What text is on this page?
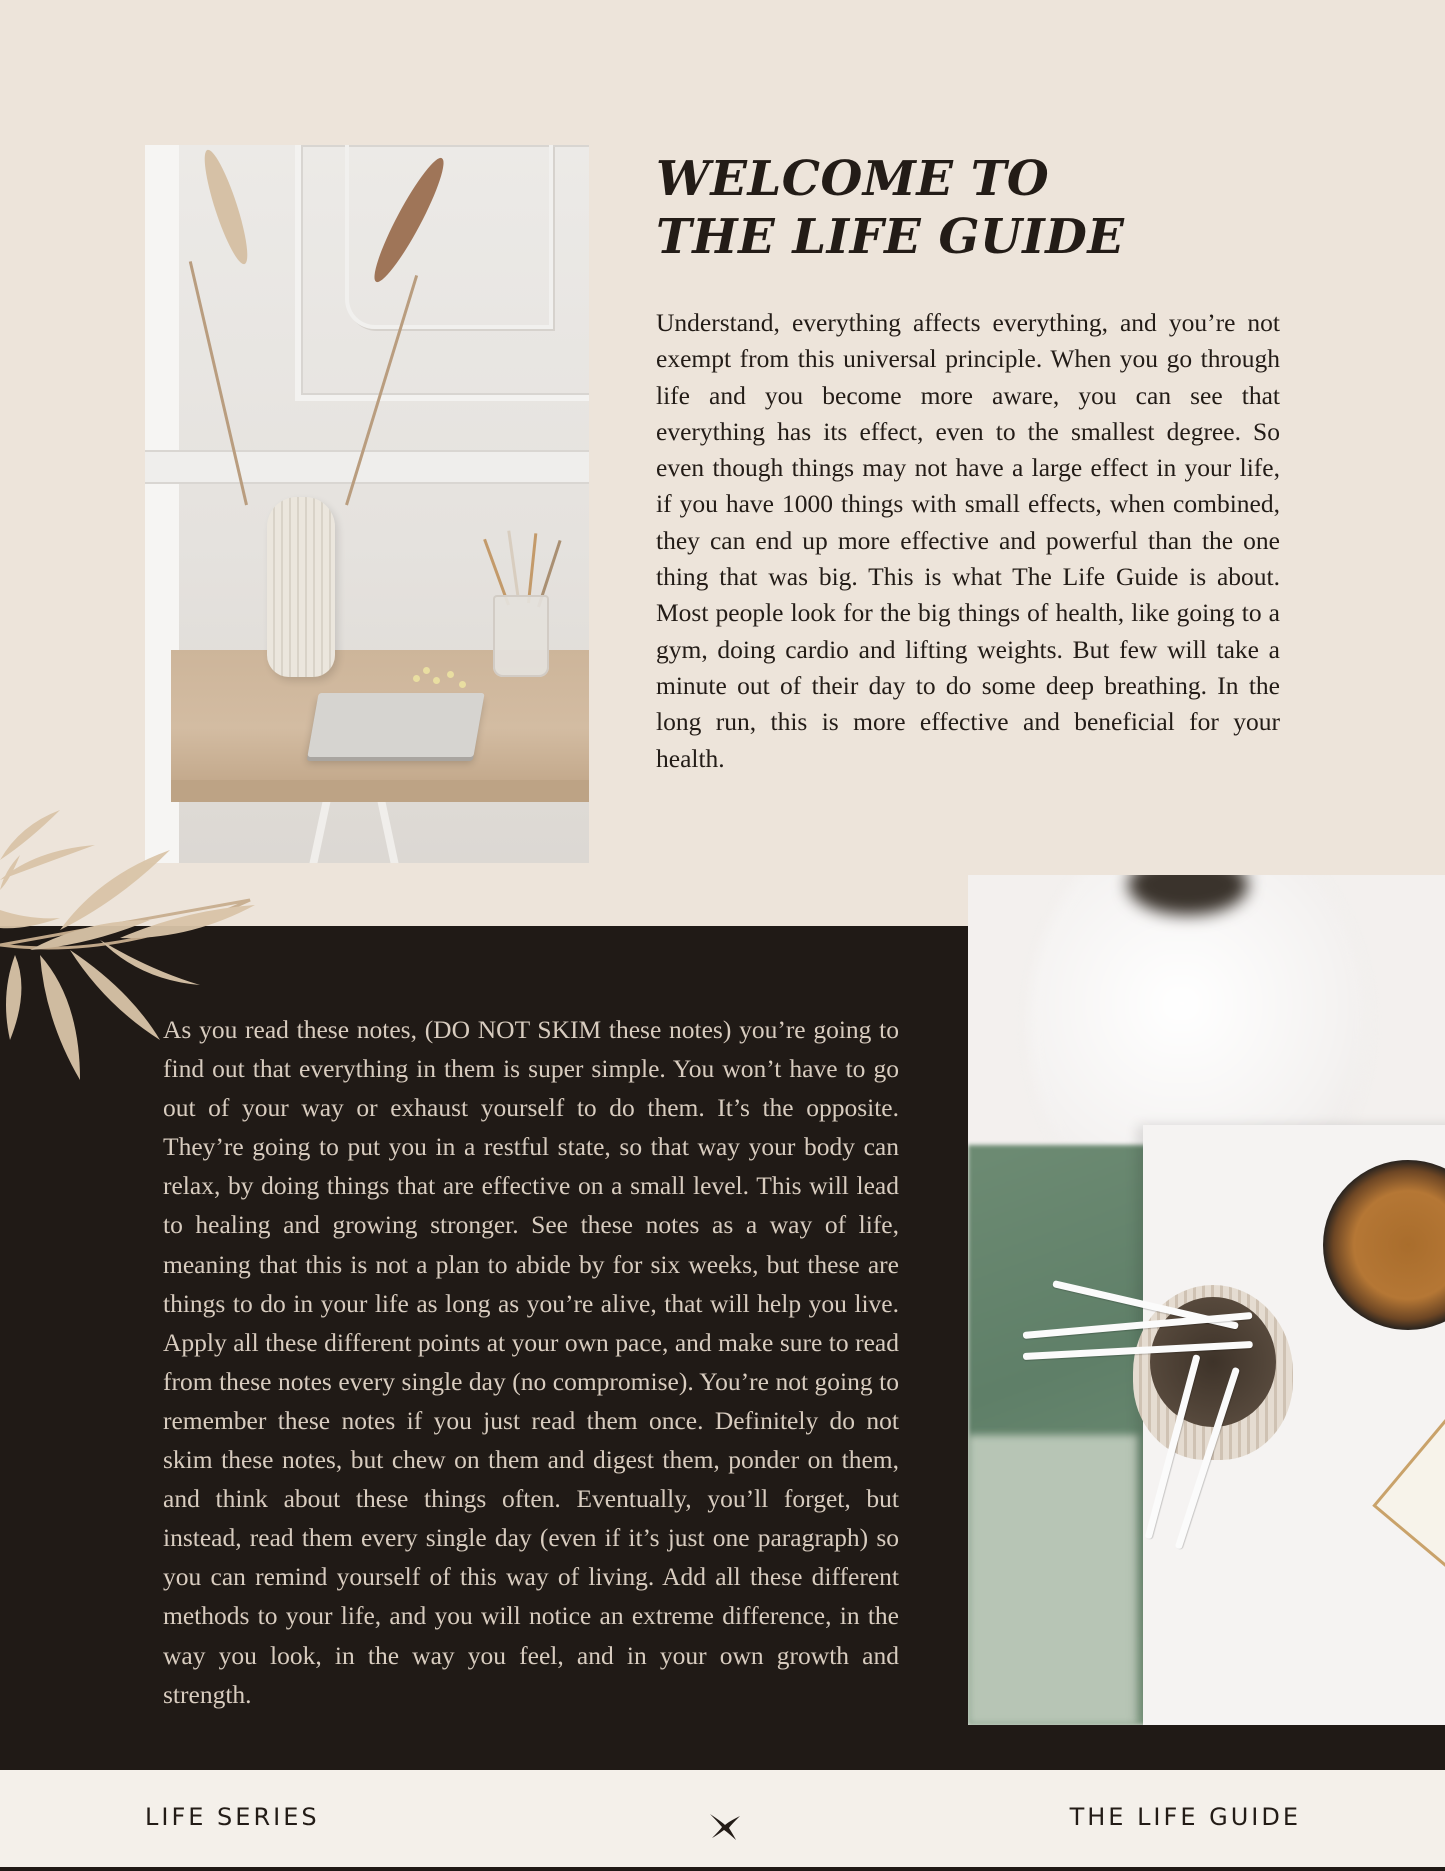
WELCOME TO
THE LIFE GUIDE

Understand, everything affects everything, and you’re not exempt from this universal principle. When you go through life and you become more aware, you can see that everything has its effect, even to the smallest degree. So even though things may not have a large effect in your life, if you have 1000 things with small effects, when combined, they can end up more effective and powerful than the one thing that was big. This is what The Life Guide is about. Most people look for the big things of health, like going to a gym, doing cardio and lifting weights. But few will take a minute out of their day to do some deep breathing. In the long run, this is more effective and beneficial for your health.

As you read these notes, (DO NOT SKIM these notes) you’re going to find out that everything in them is super simple. You won’t have to go out of your way or exhaust yourself to do them. It’s the opposite. They’re going to put you in a restful state, so that way your body can relax, by doing things that are effective on a small level. This will lead to healing and growing stronger. See these notes as a way of life, meaning that this is not a plan to abide by for six weeks, but these are things to do in your life as long as you’re alive, that will help you live. Apply all these different points at your own pace, and make sure to read from these notes every single day (no compromise). You’re not going to remember these notes if you just read them once. Definitely do not skim these notes, but chew on them and digest them, ponder on them, and think about these things often. Eventually, you’ll forget, but instead, read them every single day (even if it’s just one paragraph) so you can remind yourself of this way of living. Add all these different methods to your life, and you will notice an extreme difference, in the way you look, in the way you feel, and in your own growth and strength.

LIFE SERIES	THE LIFE GUIDE
